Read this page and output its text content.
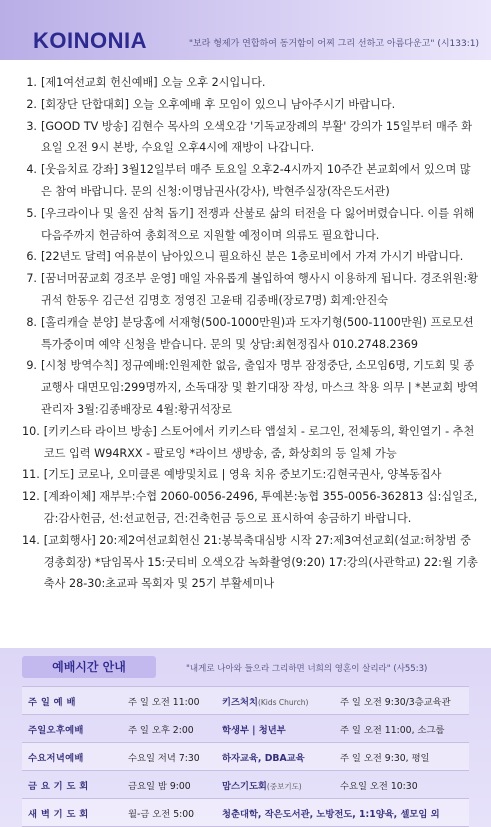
KOINONIA	"보라 형제가 연합하여 동거함이 어찌 그리 선하고 아름다운고" (시133:1)
1. [제1여선교회 헌신예배] 오늘 오후 2시입니다.
2. [회장단 단합대회] 오늘 오후예배 후 모임이 있으니 남아주시기 바랍니다.
3. [GOOD TV 방송] 김현수 목사의 오색오감 '기독교장례의 부활' 강의가 15일부터 매주 화요일 오전 9시 본방, 수요일 오후4시에 재방이 나갑니다.
4. [웃음치료 강좌] 3월12일부터 매주 토요일 오후2-4시까지 10주간 본교회에서 있으며 많은 참여 바랍니다. 문의 신청:이명남권사(강사), 박현주실장(작은도서관)
5. [우크라이나 및 울진 삼척 돕기] 전쟁과 산불로 삶의 터전을 다 잃어버렸습니다. 이를 위해 다음주까지 헌금하여 총회적으로 지원할 예정이며 의류도 필요합니다.
6. [22년도 달력] 여유분이 남아있으니 필요하신 분은 1층로비에서 가져 가시기 바랍니다.
7. [꿈너머꿈교회 경조부 운영] 매일 자유롭게 볼입하여 행사시 이용하게 됩니다. 경조위원:황귀석 한동우 김근선 김명호 정영진 고윤태 김종배(장로7명) 회계:안진숙
8. [홀리캐슬 분양] 분당홈에 서재형(500-1000만원)과 도자기형(500-1100만원) 프로모션 특가중이며 예약 신청을 받습니다. 문의 및 상담:최현정집사 010.2748.2369
9. [시청 방역수칙] 정규예배:인원제한 없음, 출입자 명부 잠정중단, 소모임6명, 기도회 및 종교행사 대면모임:299명까지, 소독대장 및 환기대장 작성, 마스크 착용 의무 | *본교회 방역 관리자 3월:김종배장로 4월:황귀석장로
10. [키키스타 라이브 방송] 스토어에서 키키스타 앱설치 - 로그인, 전체동의, 확인열기 - 추천코드 입력 W94RXX - 팔로잉 *라이브 생방송, 줌, 화상회의 등 일체 가능
11. [기도] 코로나, 오미클론 예방및치료 | 영육 치유 중보기도:김현국권사, 양복동집사
12. [계좌이체] 재부부:수협 2060-0056-2496, 투예본:농협 355-0056-362813 십:십일조, 감:감사헌금, 선:선교헌금, 건:건축헌금 등으로 표시하여 송금하기 바랍니다.
14. [교회행사] 20:제2여선교회헌신 21:봉북축대심방 시작 27:제3여선교회(설교:허창범 중경총회장) *담임목사 15:굿티비 오색오감 녹화촬영(9:20) 17:강의(사관학교) 22:월 기총 축사 28-30:초교파 목회자 및 25기 부활세미나
예배시간 안내	"내게로 나아와 들으라 그리하면 너희의 영혼이 살리라" (사55:3)
주 일 예 배	주 일 오전 11:00	키즈처치(Kids Church)	주 일 오전 9:30/3층교육관
주일오후예배	주 일 오후 2:00	학생부 | 청년부	주 일 오전 11:00, 소그룹
수요저녁예배	수요일 저녁 7:30	하자교육, DBA교육	주 일 오전 9:30, 평일
금 요 기 도 회	금요일 밤 9:00	맘스기도회(중보기도)	수요일 오전 10:30
새 벽 기 도 회	월-금 오전 5:00	청춘대학, 작은도서관, 노방전도, 1:1양육, 셀모임 외
